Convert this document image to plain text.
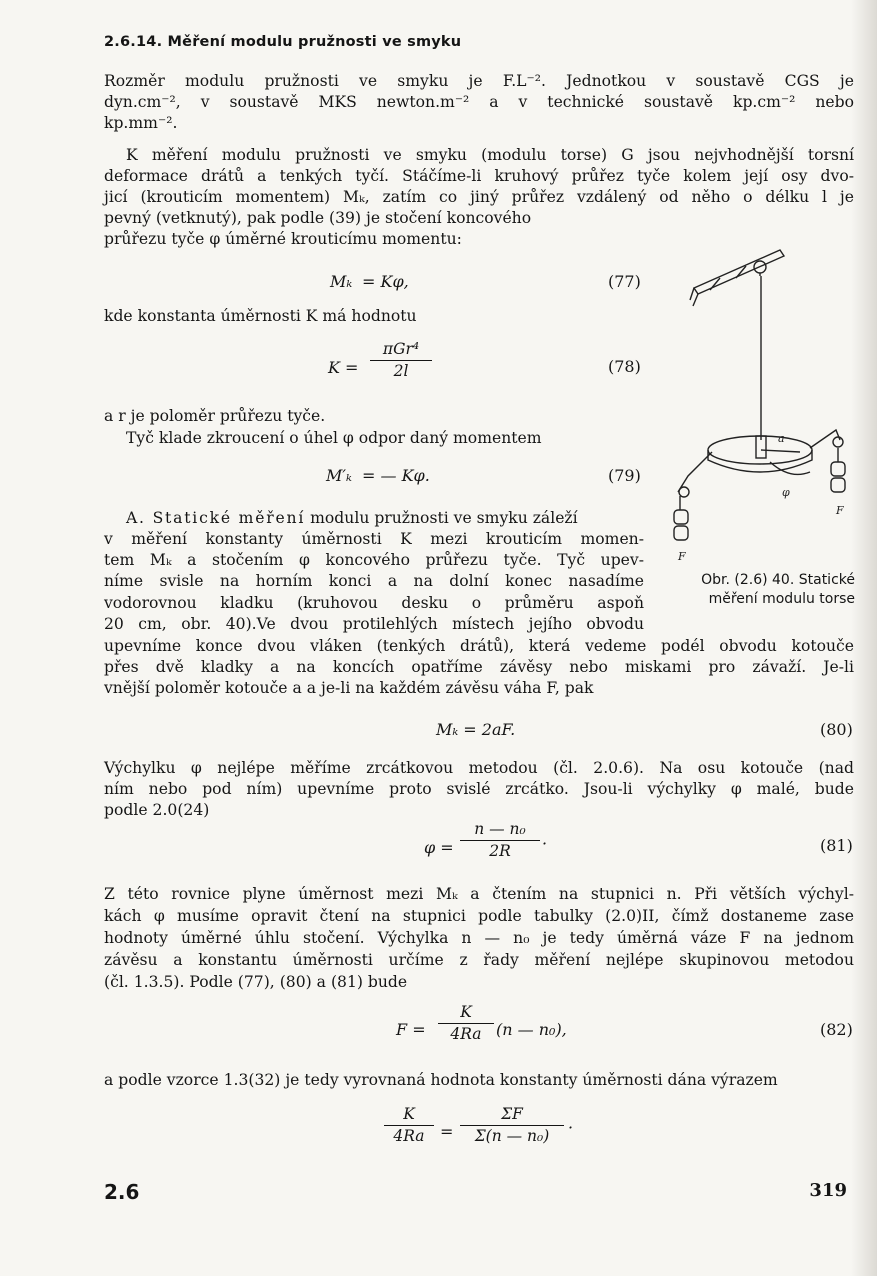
2.6.14. Měření modulu pružnosti ve smyku

Rozměr modulu pružnosti ve smyku je F.L⁻². Jednotkou v soustavě CGS je

dyn.cm⁻², v soustavě MKS newton.m⁻² a v technické soustavě kp.cm⁻² nebo

kp.mm⁻².

K měření modulu pružnosti ve smyku (modulu torse) G jsou nejvhodnější torsní

deformace drátů a tenkých tyčí. Stáčíme-li kruhový průřez tyče kolem její osy dvo-

jicí (krouticím momentem) Mₖ, zatím co jiný průřez vzdálený od něho o délku l je

pevný (vetknutý), pak podle (39) je stočení koncového

průřezu tyče φ úměrné krouticímu momentu:

Mₖ = Kφ,	(77)

kde konstanta úměrnosti K má hodnotu

K =
πGr⁴
2l	(78)

a r je poloměr průřezu tyče.

Tyč klade zkroucení o úhel φ odpor daný momentem

M′ₖ = — Kφ.	(79)

A. Statické měření modulu pružnosti ve smyku záleží

v měření konstanty úměrnosti K mezi krouticím momen-

tem Mₖ a stočením φ koncového průřezu tyče. Tyč upev-

níme svisle na horním konci a na dolní konec nasadíme

vodorovnou kladku (kruhovou desku o průměru aspoň

20 cm, obr. 40).Ve dvou protilehlých místech jejího obvodu

upevníme konce dvou vláken (tenkých drátů), která vedeme podél obvodu kotouče

přes dvě kladky a na koncích opatříme závěsy nebo miskami pro závaží. Je-li

vnější poloměr kotouče a a je-li na každém závěsu váha F, pak

Mₖ = 2aF.	(80)

Výchylku φ nejlépe měříme zrcátkovou metodou (čl. 2.0.6). Na osu kotouče (nad

ním nebo pod ním) upevníme proto svislé zrcátko. Jsou-li výchylky φ malé, bude

podle 2.0(24)

$\varphi = \frac{\text{n — n₀}}{2R}$ ·	(81)

Z této rovnice plyne úměrnost mezi Mₖ a čtením na stupnici n. Při větších výchyl-

kách φ musíme opravit čtení na stupnici podle tabulky (2.0)II, čímž dostaneme zase

hodnoty úměrné úhlu stočení. Výchylka n — n₀ je tedy úměrná váze F na jednom

závěsu a konstantu úměrnosti určíme z řady měření nejlépe skupinovou metodou

(čl. 1.3.5). Podle (77), (80) a (81) bude

$F = \frac{K}{4Ra} (n$ — n₀),	(82)

a podle vzorce 1.3(32) je tedy vyrovnaná hodnota konstanty úměrnosti dána výrazem

$\frac{K}{4Ra} = \frac{\Sigma F}{\text{Σ(n — n₀)}}$ ·
a
φ
F
F
Obr. (2.6) 40. Statické
měření modulu torse
2.6	319
